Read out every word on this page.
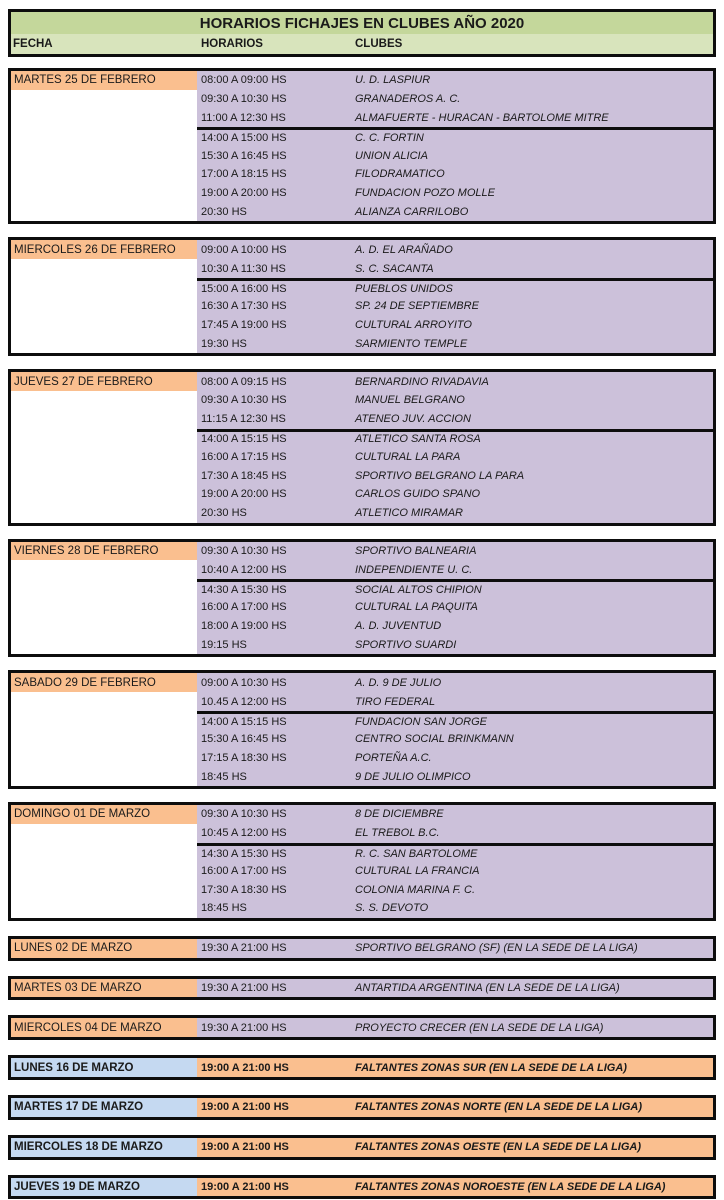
HORARIOS FICHAJES EN CLUBES AÑO 2020
FECHA	HORARIOS	CLUBES
MARTES 25 DE FEBRERO	08:00 A 09:00 HS	U. D. LASPIUR
09:30 A 10:30 HS	GRANADEROS A. C.
11:00 A 12:30 HS	ALMAFUERTE - HURACAN - BARTOLOME MITRE
14:00 A 15:00 HS	C. C. FORTIN
15:30 A 16:45 HS	UNION ALICIA
17:00 A 18:15 HS	FILODRAMATICO
19:00 A 20:00 HS	FUNDACION POZO MOLLE
20:30 HS	ALIANZA CARRILOBO
MIERCOLES 26 DE FEBRERO	09:00 A 10:00 HS	A. D. EL ARAÑADO
10:30 A 11:30 HS	S. C. SACANTA
15:00 A 16:00 HS	PUEBLOS UNIDOS
16:30 A 17:30 HS	SP. 24 DE SEPTIEMBRE
17:45 A 19:00 HS	CULTURAL ARROYITO
19:30 HS	SARMIENTO TEMPLE
JUEVES 27 DE FEBRERO	08:00 A 09:15 HS	BERNARDINO RIVADAVIA
09:30 A 10:30 HS	MANUEL BELGRANO
11:15 A 12:30 HS	ATENEO JUV. ACCION
14:00 A 15:15 HS	ATLETICO SANTA ROSA
16:00 A 17:15 HS	CULTURAL LA PARA
17:30 A 18:45 HS	SPORTIVO BELGRANO LA PARA
19:00 A 20:00 HS	CARLOS GUIDO SPANO
20:30 HS	ATLETICO MIRAMAR
VIERNES 28 DE FEBRERO	09:30 A 10:30 HS	SPORTIVO BALNEARIA
10:40 A 12:00 HS	INDEPENDIENTE U. C.
14:30 A 15:30 HS	SOCIAL ALTOS CHIPION
16:00 A 17:00 HS	CULTURAL LA PAQUITA
18:00 A 19:00 HS	A. D. JUVENTUD
19:15 HS	SPORTIVO SUARDI
SABADO 29 DE FEBRERO	09:00 A 10:30 HS	A. D. 9 DE JULIO
10.45 A 12:00 HS	TIRO FEDERAL
14:00 A 15:15 HS	FUNDACION SAN JORGE
15:30 A 16:45 HS	CENTRO SOCIAL BRINKMANN
17:15 A 18:30 HS	PORTEÑA A.C.
18:45 HS	9 DE JULIO OLIMPICO
DOMINGO 01 DE MARZO	09:30 A 10:30 HS	8 DE DICIEMBRE
10:45 A 12:00 HS	EL TREBOL B.C.
14:30 A 15:30 HS	R. C. SAN BARTOLOME
16:00 A 17:00 HS	CULTURAL LA FRANCIA
17:30 A 18:30 HS	COLONIA MARINA F. C.
18:45 HS	S. S. DEVOTO
LUNES 02 DE MARZO	19:30 A 21:00 HS	SPORTIVO BELGRANO (SF) (EN LA SEDE DE LA LIGA)
MARTES 03 DE MARZO	19:30 A 21:00 HS	ANTARTIDA ARGENTINA (EN LA SEDE DE LA LIGA)
MIERCOLES 04 DE MARZO	19:30 A 21:00 HS	PROYECTO CRECER (EN LA SEDE DE LA LIGA)
LUNES 16 DE MARZO	19:00 A 21:00 HS	FALTANTES ZONAS SUR (EN LA SEDE DE LA LIGA)
MARTES 17 DE MARZO	19:00 A 21:00 HS	FALTANTES ZONAS NORTE (EN LA SEDE DE LA LIGA)
MIERCOLES 18 DE MARZO	19:00 A 21:00 HS	FALTANTES ZONAS OESTE (EN LA SEDE DE LA LIGA)
JUEVES 19 DE MARZO	19:00 A 21:00 HS	FALTANTES ZONAS NOROESTE (EN LA SEDE DE LA LIGA)
